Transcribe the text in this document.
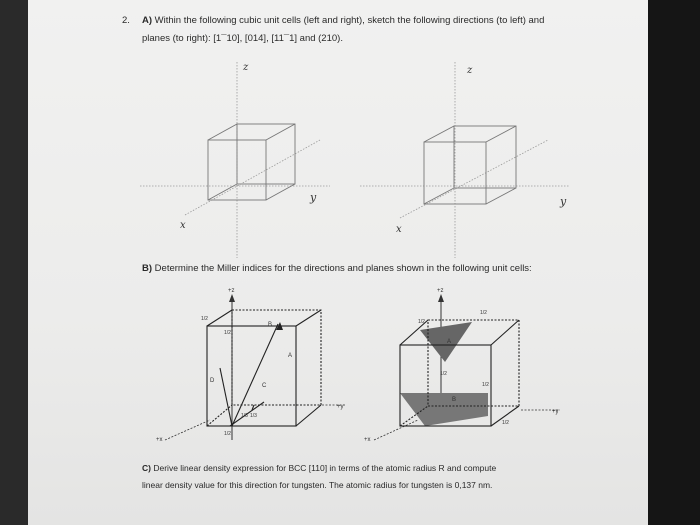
2. A) Within the following cubic unit cells (left and right), sketch the following directions (to left) and
planes (to right): [1¯10], [014], [11¯1] and (210).
z
y
x
z
y
x
A
B
C
D
+z
+y
+x
1/2
1/2
1/3 1/3
1/2
A
B
+z
+y
+x
1/2
1/2
1/2
1/2
1/2
B) Determine the Miller indices for the directions and planes shown in the following unit cells:
C) Derive linear density expression for BCC [110] in terms of the atomic radius R and compute
linear density value for this direction for tungsten. The atomic radius for tungsten is 0,137 nm.
